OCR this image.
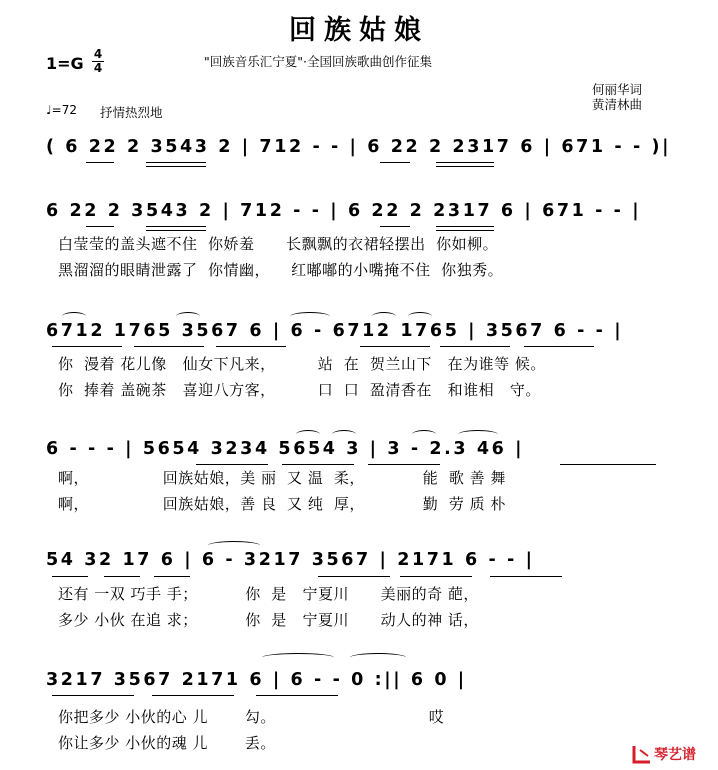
回族姑娘
1=G 4
4	"回族音乐汇宁夏"·全国回族歌曲创作征集
何丽华词
黄清林曲
♩=72 抒情热烈地
( 6 22 2 3543 2 | 712 - - | 6 22 2 2317 6 | 671 - - )|
6 22 2 3543 2 | 712 - - | 6 22 2 2317 6 | 671 - - |
白莹莹的盖头遮不住  你娇羞      长飘飘的衣裙轻摆出  你如柳。
黑溜溜的眼睛泄露了  你情幽，    红嘟嘟的小嘴掩不住  你独秀。
6712 1765 3567 6 | 6 - 6712 1765 | 3567 6 - - |
你  漫着 花儿像   仙女下凡来，        站  在  贺兰山下   在为谁等 候。
你  捧着 盖碗茶   喜迎八方客，        口  口  盈清香在   和谁相   守。
6 - - - | 5654 3234 5654 3 | 3 - 2.3 46 |
啊，              回族姑娘，美 丽  又 温  柔，           能  歌 善 舞
啊，              回族姑娘，善 良  又 纯  厚，           勤  劳 质 朴
54 32 17 6 | 6 - 3217 3567 | 2171 6 - - |
还有 一双 巧手 手；         你  是   宁夏川      美丽的奇 葩，
多少 小伙 在追 求；         你  是   宁夏川      动人的神 话，
3217 3567 2171 6 | 6 - - 0 :|| 6 0 |
你把多少 小伙的心 儿       勾。                             哎
你让多少 小伙的魂 儿       丢。
琴艺谱
